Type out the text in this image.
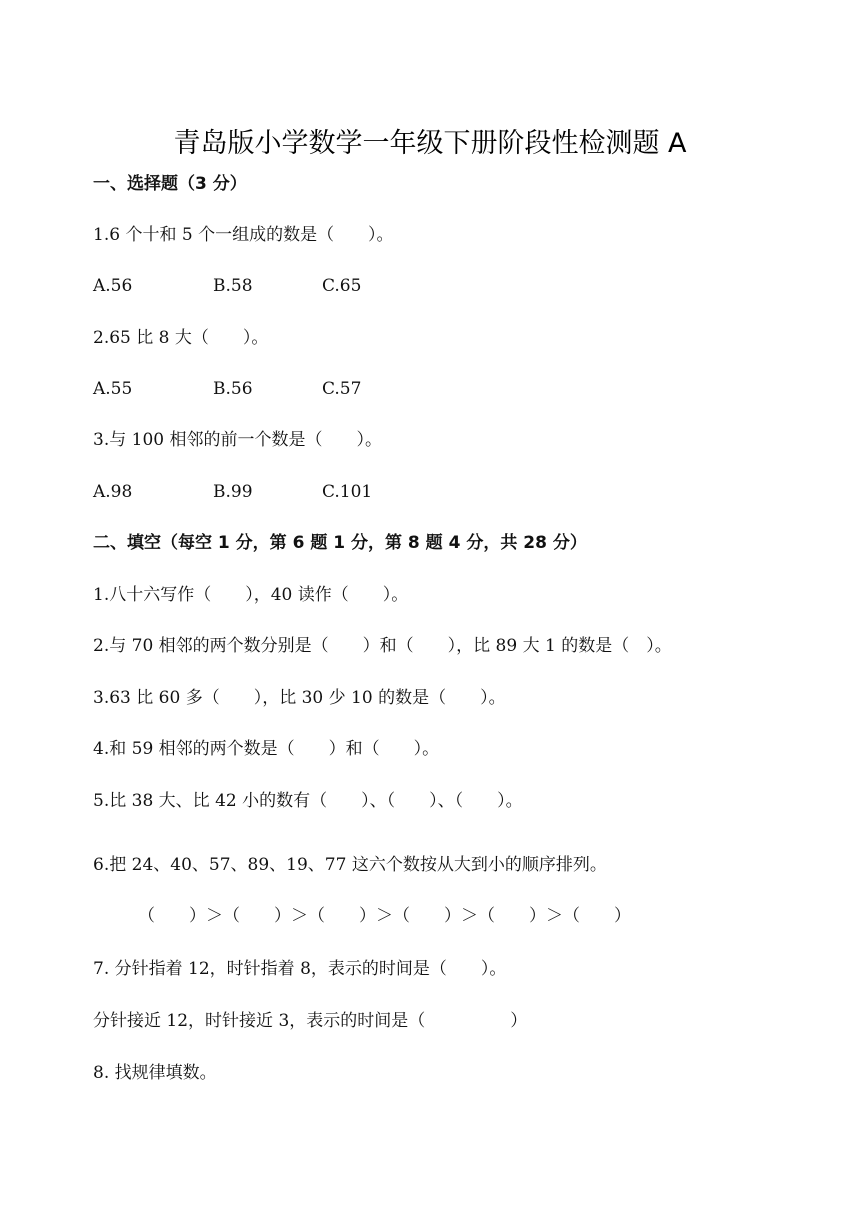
青岛版小学数学一年级下册阶段性检测题 A
一、选择题（3 分）
1.6 个十和 5 个一组成的数是（　　）。
A.56	B.58	C.65
2.65 比 8 大（　　）。
A.55	B.56	C.57
3.与 100 相邻的前一个数是（　　）。
A.98	B.99	C.101
二、填空（每空 1 分，第 6 题 1 分，第 8 题 4 分，共 28 分）
1.八十六写作（　　），40 读作（　　）。
2.与 70 相邻的两个数分别是（　　）和（　　），比 89 大 1 的数是（　）。
3.63 比 60 多（　　），比 30 少 10 的数是（　　）。
4.和 59 相邻的两个数是（　　）和（　　）。
5.比 38 大、比 42 小的数有（　　）、（　　）、（　　）。
6.把 24、40、57、89、19、77 这六个数按从大到小的顺序排列。
（　　）＞（　　）＞（　　）＞（　　）＞（　　）＞（　　）
7. 分针指着 12，时针指着 8，表示的时间是（　　）。
分针接近 12，时针接近 3，表示的时间是（　　　　　）
8. 找规律填数。
